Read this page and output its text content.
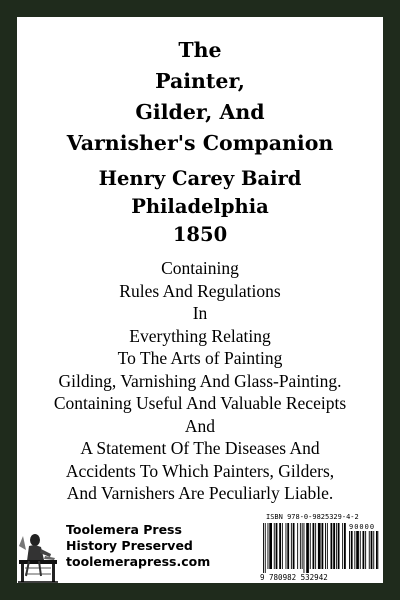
The
Painter,
Gilder, And
Varnisher's Companion
Henry Carey Baird
Philadelphia
1850
Containing
Rules And Regulations
In
Everything Relating
To The Arts of Painting
Gilding, Varnishing And Glass-Painting.
Containing Useful And Valuable Receipts
And
A Statement Of The Diseases And
Accidents To Which Painters, Gilders,
And Varnishers Are Peculiarly Liable.
Toolemera Press
History Preserved
toolemerapress.com
ISBN 978-0-9825329-4-2
90000
9 780982 532942
